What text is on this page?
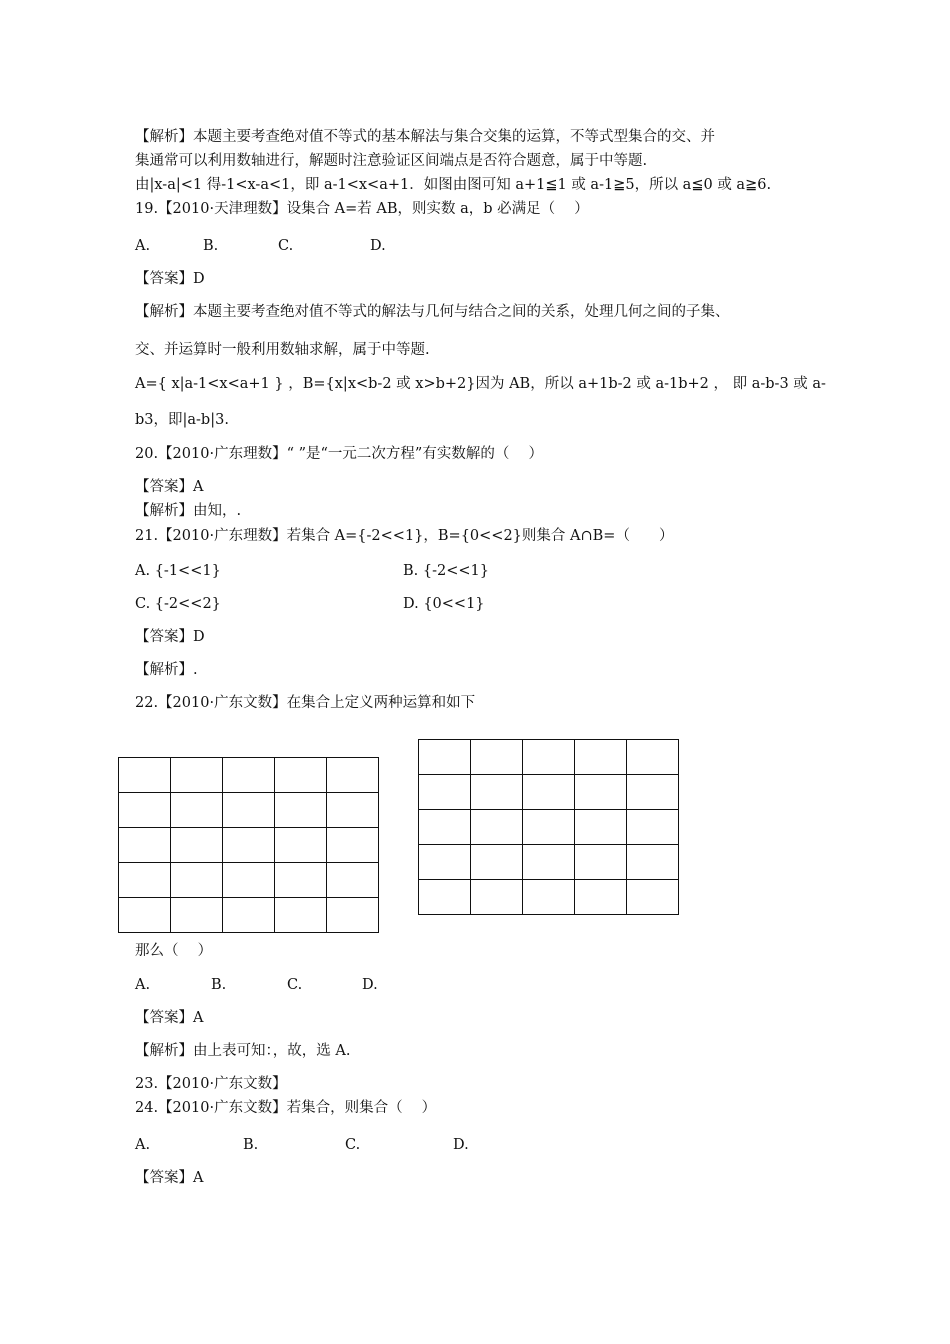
【解析】本题主要考查绝对值不等式的基本解法与集合交集的运算，不等式型集合的交、并
集通常可以利用数轴进行，解题时注意验证区间端点是否符合题意，属于中等题.
由|x-a|<1 得-1<x-a<1，即 a-1<x<a+1．如图由图可知 a+1≦1 或 a-1≧5，所以 a≦0 或 a≧6.
19.【2010·天津理数】设集合 A=若 AB，则实数 a，b 必满足（　 ）
A.	B.	C.	D.
【答案】D
【解析】本题主要考查绝对值不等式的解法与几何与结合之间的关系，处理几何之间的子集、
交、并运算时一般利用数轴求解，属于中等题.
A={ x|a-1<x<a+1 } ，B={x|x<b-2 或 x>b+2}因为 AB，所以 a+1b-2 或 a-1b+2 ， 即 a-b-3 或 a-
b3，即|a-b|3.
20.【2010·广东理数】“ ”是“一元二次方程”有实数解的（　 ）
【答案】A
【解析】由知，.
21.【2010·广东理数】若集合 A={-2<<1}，B={0<<2}则集合 A∩B=（　　）
A. {-1<<1}	B. {-2<<1}
C. {-2<<2}	D. {0<<1}
【答案】D
【解析】.
22.【2010·广东文数】在集合上定义两种运算和如下

那么（　 ）
A.	B.	C.	D.
【答案】A
【解析】由上表可知：，故，选 A.
23.【2010·广东文数】
24.【2010·广东文数】若集合，则集合（　 ）
A.	B.	C.	D.
【答案】A
